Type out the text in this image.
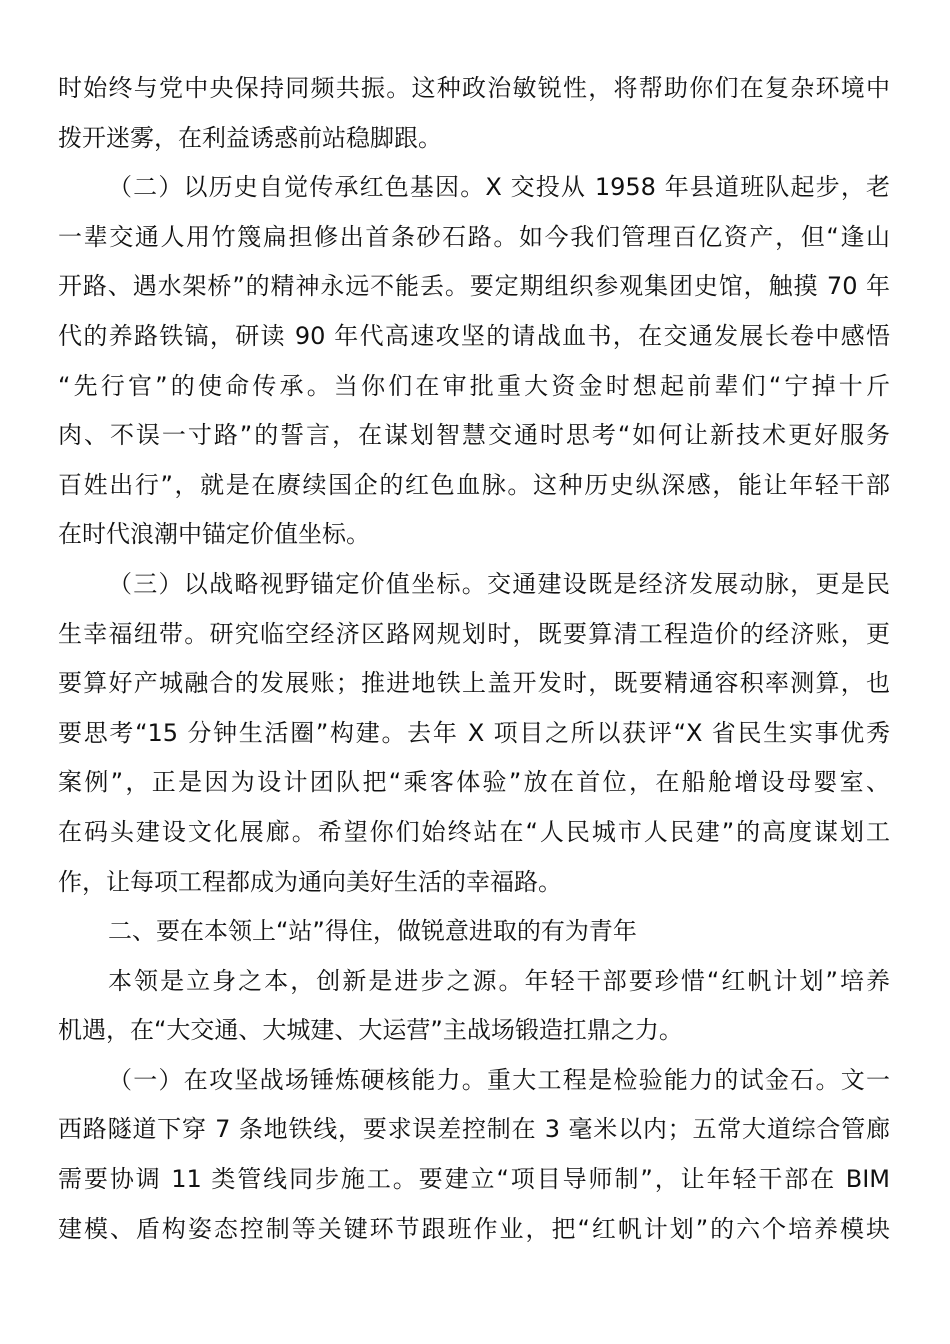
时始终与党中央保持同频共振。这种政治敏锐性，将帮助你们在复杂环境中
拨开迷雾，在利益诱惑前站稳脚跟。
（二）以历史自觉传承红色基因。X 交投从 1958 年县道班队起步，老
一辈交通人用竹篾扁担修出首条砂石路。如今我们管理百亿资产，但“逢山
开路、遇水架桥”的精神永远不能丢。要定期组织参观集团史馆，触摸 70 年
代的养路铁镐，研读 90 年代高速攻坚的请战血书，在交通发展长卷中感悟
“先行官”的使命传承。当你们在审批重大资金时想起前辈们“宁掉十斤
肉、不误一寸路”的誓言，在谋划智慧交通时思考“如何让新技术更好服务
百姓出行”，就是在赓续国企的红色血脉。这种历史纵深感，能让年轻干部
在时代浪潮中锚定价值坐标。
（三）以战略视野锚定价值坐标。交通建设既是经济发展动脉，更是民
生幸福纽带。研究临空经济区路网规划时，既要算清工程造价的经济账，更
要算好产城融合的发展账；推进地铁上盖开发时，既要精通容积率测算，也
要思考“15 分钟生活圈”构建。去年 X 项目之所以获评“X 省民生实事优秀
案例”，正是因为设计团队把“乘客体验”放在首位，在船舱增设母婴室、
在码头建设文化展廊。希望你们始终站在“人民城市人民建”的高度谋划工
作，让每项工程都成为通向美好生活的幸福路。
二、要在本领上“站”得住，做锐意进取的有为青年
本领是立身之本，创新是进步之源。年轻干部要珍惜“红帆计划”培养
机遇，在“大交通、大城建、大运营”主战场锻造扛鼎之力。
（一）在攻坚战场锤炼硬核能力。重大工程是检验能力的试金石。文一
西路隧道下穿 7 条地铁线，要求误差控制在 3 毫米以内；五常大道综合管廊
需要协调 11 类管线同步施工。要建立“项目导师制”，让年轻干部在 BIM
建模、盾构姿态控制等关键环节跟班作业，把“红帆计划”的六个培养模块
